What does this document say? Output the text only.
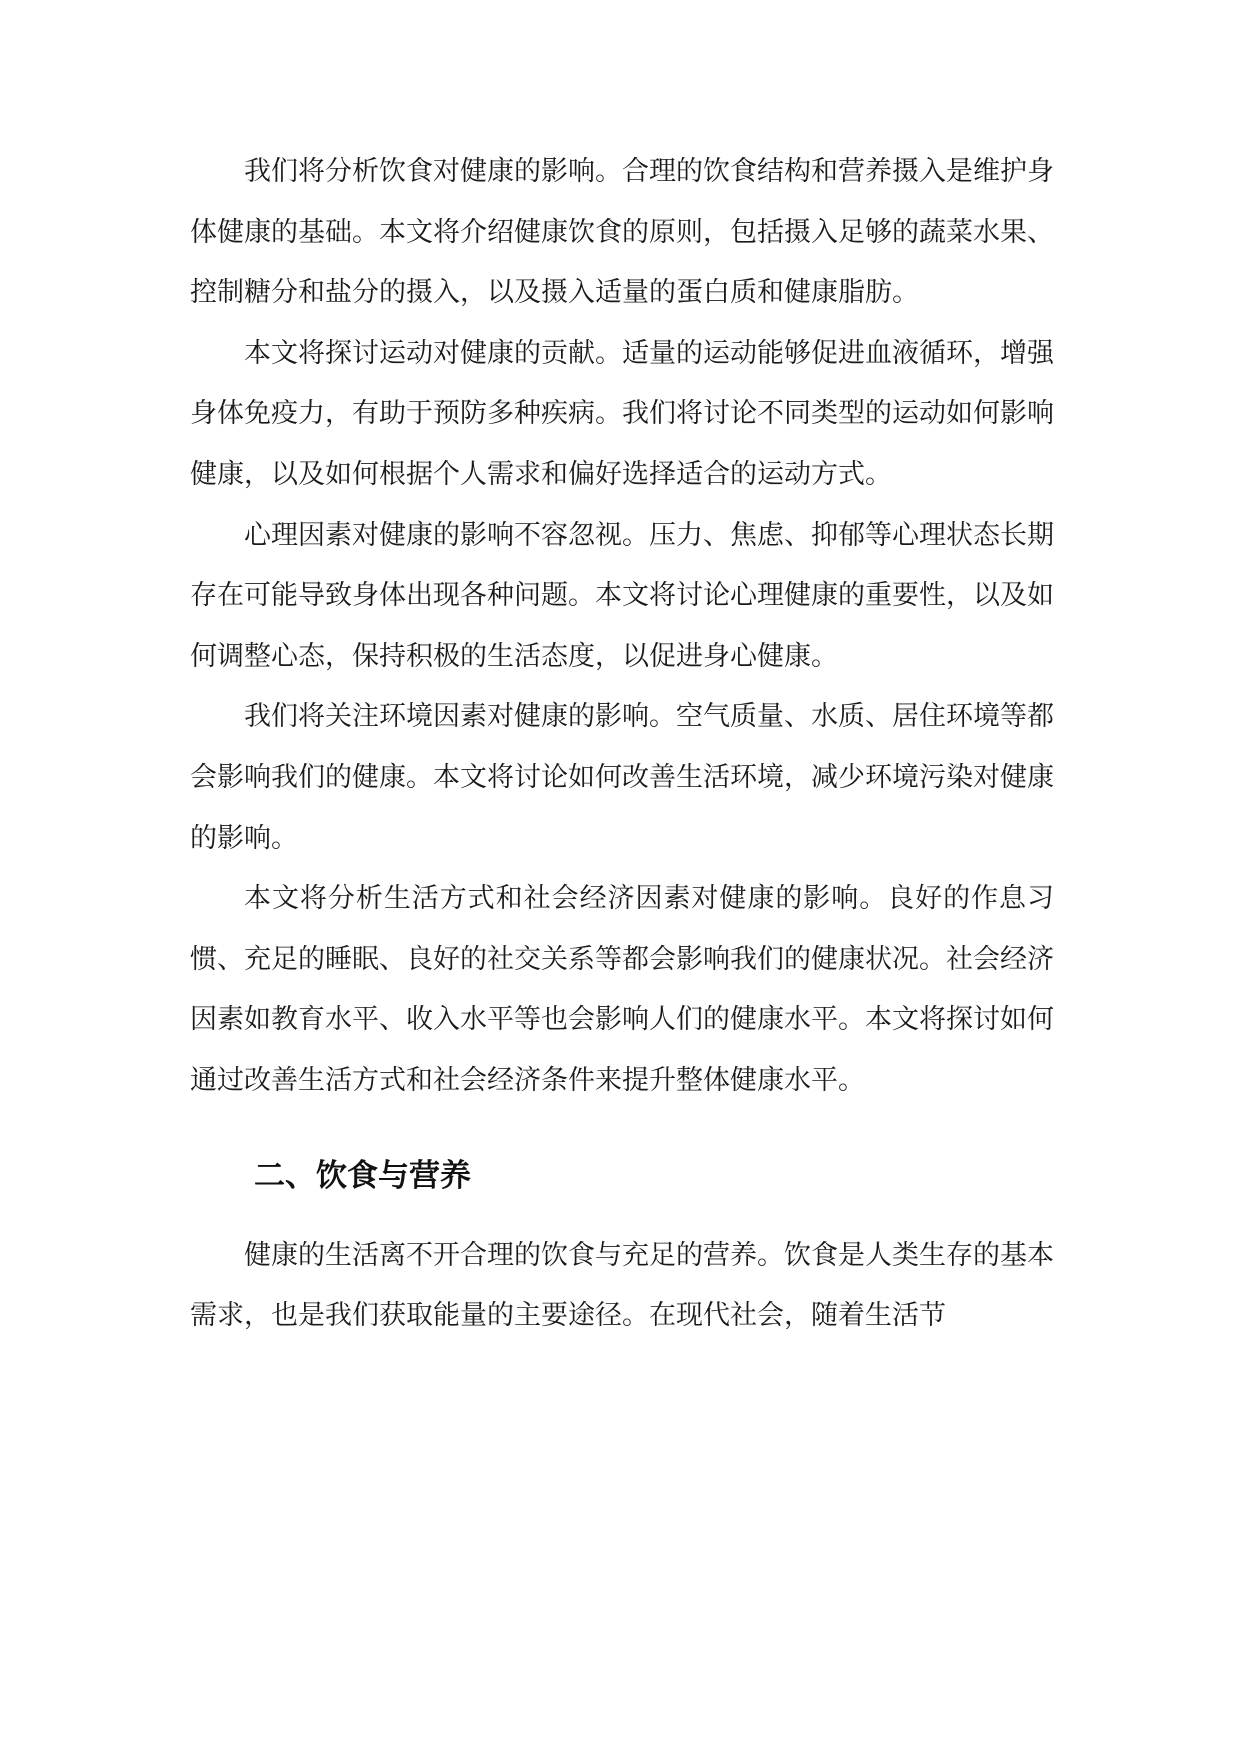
我们将分析饮食对健康的影响。合理的饮食结构和营养摄入是维护身体健康的基础。本文将介绍健康饮食的原则，包括摄入足够的蔬菜水果、控制糖分和盐分的摄入，以及摄入适量的蛋白质和健康脂肪。

本文将探讨运动对健康的贡献。适量的运动能够促进血液循环，增强身体免疫力，有助于预防多种疾病。我们将讨论不同类型的运动如何影响健康，以及如何根据个人需求和偏好选择适合的运动方式。

心理因素对健康的影响不容忽视。压力、焦虑、抑郁等心理状态长期存在可能导致身体出现各种问题。本文将讨论心理健康的重要性，以及如何调整心态，保持积极的生活态度，以促进身心健康。

我们将关注环境因素对健康的影响。空气质量、水质、居住环境等都会影响我们的健康。本文将讨论如何改善生活环境，减少环境污染对健康的影响。

本文将分析生活方式和社会经济因素对健康的影响。良好的作息习惯、充足的睡眠、良好的社交关系等都会影响我们的健康状况。社会经济因素如教育水平、收入水平等也会影响人们的健康水平。本文将探讨如何通过改善生活方式和社会经济条件来提升整体健康水平。

二、饮食与营养

健康的生活离不开合理的饮食与充足的营养。饮食是人类生存的基本需求，也是我们获取能量的主要途径。在现代社会，随着生活节
